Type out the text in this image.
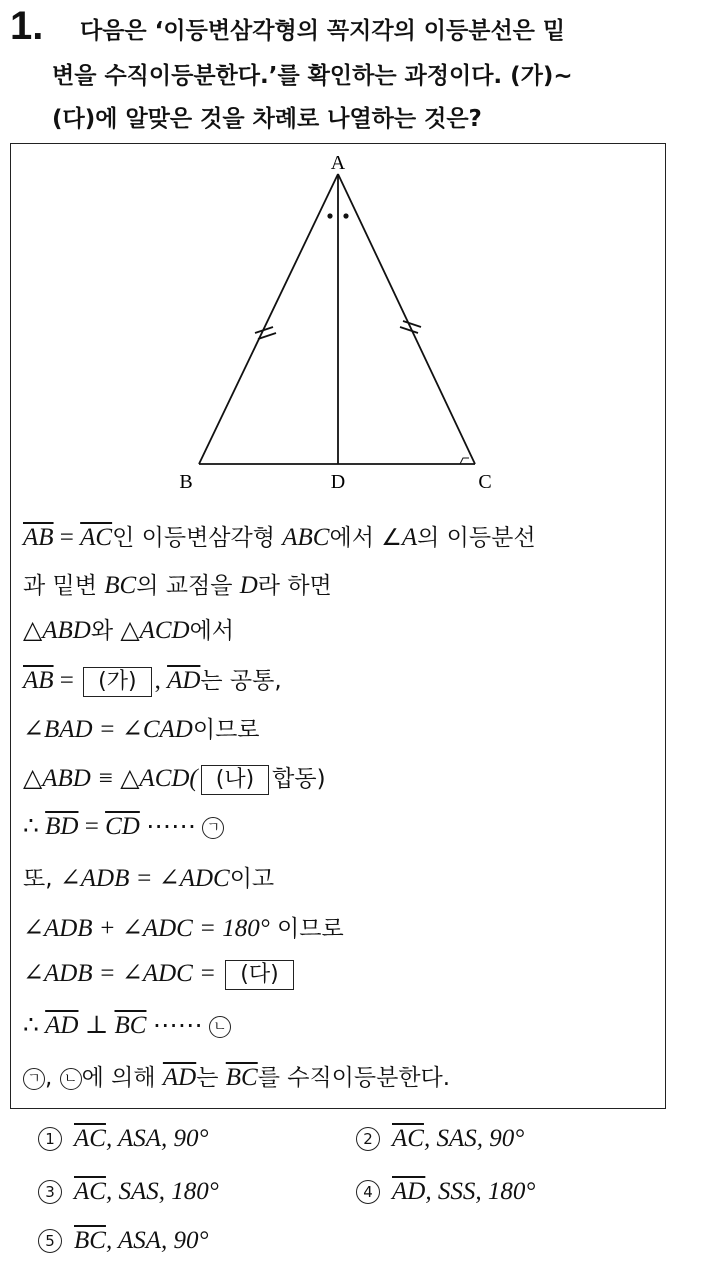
1. 다음은 ‘이등변삼각형의 꼭지각의 이등분선은 밑
변을 수직이등분한다.’를 확인하는 과정이다. (가)~
(다)에 알맞은 것을 차례로 나열하는 것은?
A
B	D	C
$\overline{AB} = \overline{AC}$인 이등변삼각형 ABC에서 ∠A의 이등분선
과 밑변 BC의 교점을 D라 하면
△ABD와 △ACD에서
$\overline{AB}$ = (가) , $\overline{AD}$는 공통,
∠BAD = ∠CAD이므로
△ABD ≡ △ACD( (나) 합동)
∴ $\overline{BD} = \overline{CD}$ ⋯⋯ ㄱ
또, ∠ADB = ∠ADC이고
∠ADB + ∠ADC = 180° 이므로
∠ADB = ∠ADC = (다)
∴ $\overline{AD}$ ⊥ $\overline{BC}$ ⋯⋯ ㄴ
ㄱ , ㄴ 에 의해 $\overline{AD}$는 $\overline{BC}$를 수직이등분한다.
1 $\overline{AC}$, ASA, 90°	2 $\overline{AC}$, SAS, 90°
3 $\overline{AC}$, SAS, 180°	4 $\overline{AD}$, SSS, 180°
5 $\overline{BC}$, ASA, 90°
